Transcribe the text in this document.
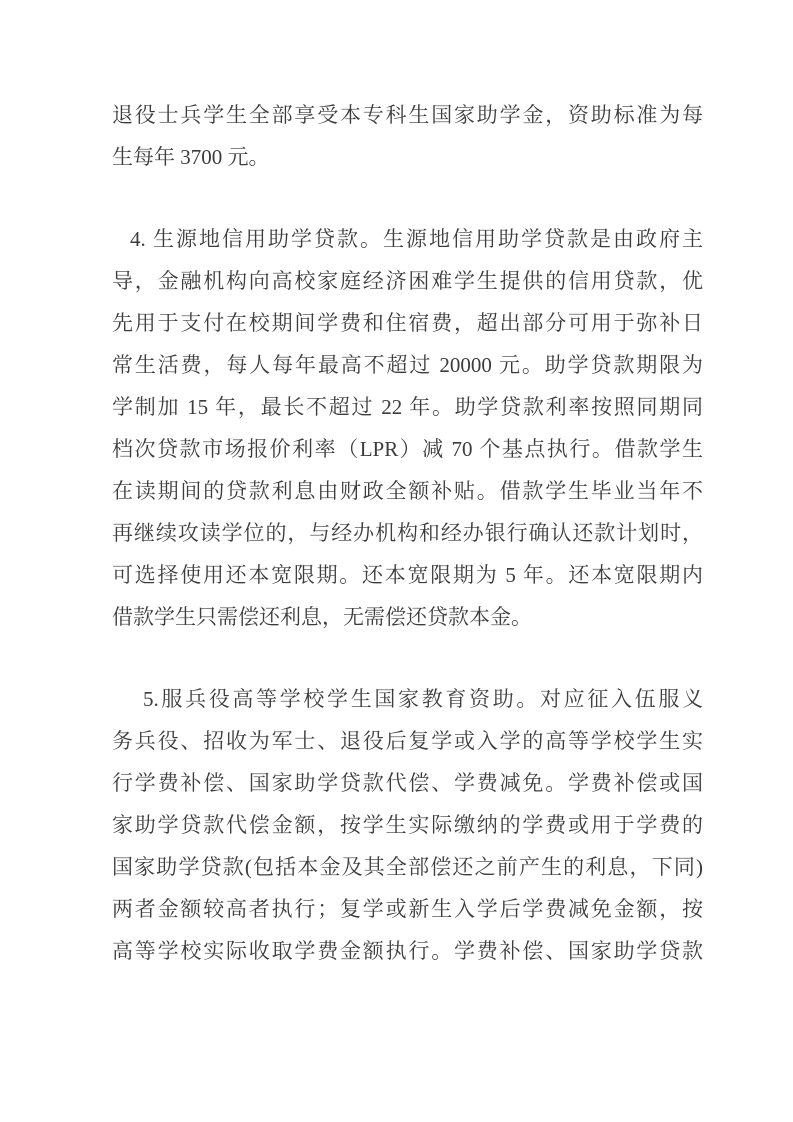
退役士兵学生全部享受本专科生国家助学金，资助标准为每
生每年 3700 元。
4. 生源地信用助学贷款。生源地信用助学贷款是由政府主
导，金融机构向高校家庭经济困难学生提供的信用贷款，优
先用于支付在校期间学费和住宿费，超出部分可用于弥补日
常生活费，每人每年最高不超过 20000 元。助学贷款期限为
学制加 15 年，最长不超过 22 年。助学贷款利率按照同期同
档次贷款市场报价利率（LPR）减 70 个基点执行。借款学生
在读期间的贷款利息由财政全额补贴。借款学生毕业当年不
再继续攻读学位的，与经办机构和经办银行确认还款计划时，
可选择使用还本宽限期。还本宽限期为 5 年。还本宽限期内
借款学生只需偿还利息，无需偿还贷款本金。
5.服兵役高等学校学生国家教育资助。对应征入伍服义
务兵役、招收为军士、退役后复学或入学的高等学校学生实
行学费补偿、国家助学贷款代偿、学费减免。学费补偿或国
家助学贷款代偿金额，按学生实际缴纳的学费或用于学费的
国家助学贷款(包括本金及其全部偿还之前产生的利息，下同)
两者金额较高者执行；复学或新生入学后学费减免金额，按
高等学校实际收取学费金额执行。学费补偿、国家助学贷款
